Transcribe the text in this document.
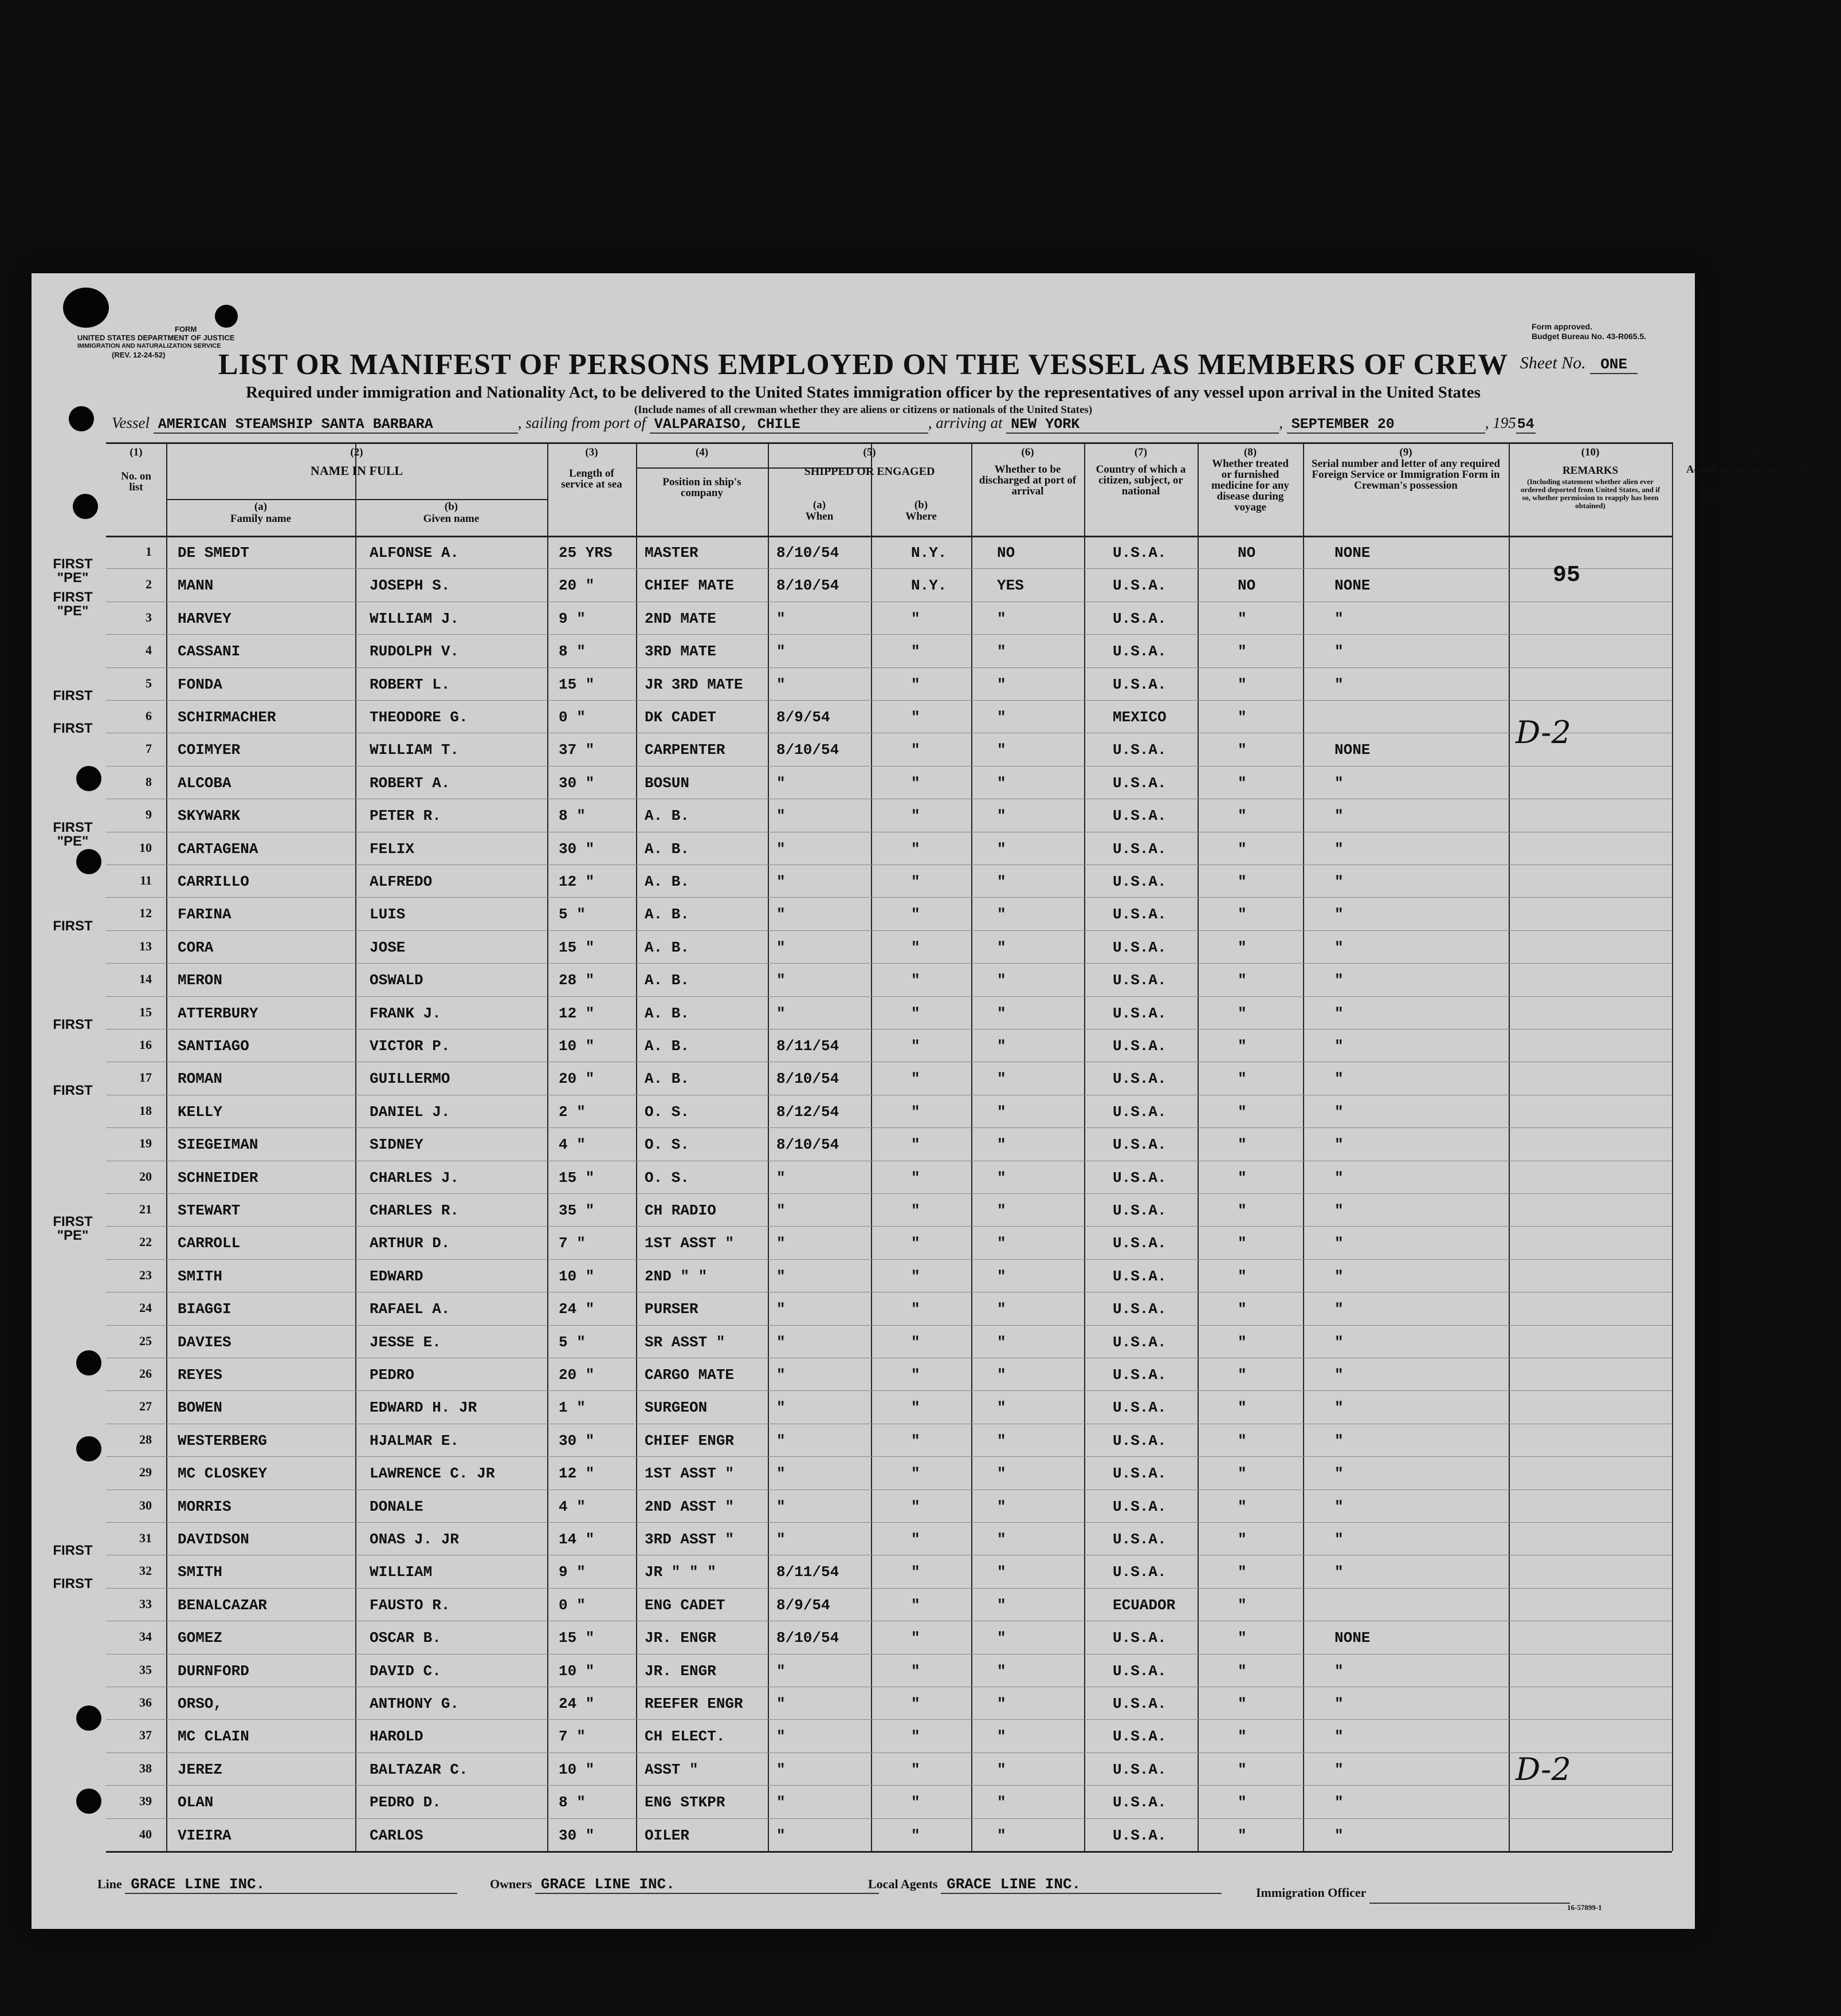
FORM
UNITED STATES DEPARTMENT OF JUSTICE
IMMIGRATION AND NATURALIZATION SERVICE
(REV. 12-24-52)
Form approved.
Budget Bureau No. 43-R065.5.
LIST OR MANIFEST OF PERSONS EMPLOYED ON THE VESSEL AS MEMBERS OF CREW Sheet No. ONE
Required under immigration and Nationality Act, to be delivered to the United States immigration officer by the representatives of any vessel upon arrival in the United States
(Include names of all crewman whether they are aliens or citizens or nationals of the United States)
Vessel AMERICAN STEAMSHIP SANTA BARBARA	, sailing from port of VALPARAISO, CHILE	, arriving at NEW YORK	, SEPTEMBER 20	, 19554
(1)
No. on list
(2)
NAME IN FULL
(a)
Family name
(b)
Given name
(3)
Length of service at sea
(4)
Position in ship's company
(5)
SHIPPED OR ENGAGED
(a)
When
(b)
Where
(6)
Whether to be discharged at port of arrival
(7)
Country of which a citizen, subject, or national
(8)
Whether treated or furnished medicine for any disease during voyage
(9)
Serial number and letter of any required Foreign Service or Immigration Form in Crewman's possession
(10)
REMARKS
(Including statement whether alien ever ordered deported from United States, and if so, whether permission to reapply has been obtained)
(11)
Action of Immigration Officer
(This column for use of Government officials only)
1 DE SMEDT	ALFONSE A.	25 YRS MASTER	8/10/54	N.Y.	NO	U.S.A.	NO	NONE
2 MANN	JOSEPH S.	20 "	CHIEF MATE	8/10/54	N.Y.	YES	U.S.A.	NO	NONE
FIRST "PE"
3 HARVEY	WILLIAM J.	9 "	2ND MATE	"	"	"	U.S.A.	"	"
FIRST "PE"
4 CASSANI	RUDOLPH V.	8 "	3RD MATE	"	"	"	U.S.A.	"	"
5 FONDA	ROBERT L.	15 "	JR 3RD MATE "	"	"	U.S.A.	"	"
6 SCHIRMACHER	THEODORE G.	0 "	DK CADET	8/9/54	"	"	MEXICO	"
FIRST
7 COIMYER	WILLIAM T.	37 "	CARPENTER	8/10/54	"	"	U.S.A.	"	NONE
FIRST
8 ALCOBA	ROBERT A.	30 "	BOSUN	"	"	"	U.S.A.	"	"
9 SKYWARK	PETER R.	8 "	A. B.	"	"	"	U.S.A.	"	"
10 CARTAGENA	FELIX	30 "	A. B.	"	"	"	U.S.A.	"	"
FIRST "PE"
11 CARRILLO	ALFREDO	12 "	A. B.	"	"	"	U.S.A.	"	"
12 FARINA	LUIS	5 "	A. B.	"	"	"	U.S.A.	"	"
13 CORA	JOSE	15 "	A. B.	"	"	"	U.S.A.	"	"
FIRST
14 MERON	OSWALD	28 "	A. B.	"	"	"	U.S.A.	"	"
15 ATTERBURY	FRANK J.	12 "	A. B.	"	"	"	U.S.A.	"	"
16 SANTIAGO	VICTOR P.	10 "	A. B.	8/11/54	"	"	U.S.A.	"	"
FIRST
17 ROMAN	GUILLERMO	20 "	A. B.	8/10/54	"	"	U.S.A.	"	"
18 KELLY	DANIEL J.	2 "	O. S.	8/12/54	"	"	U.S.A.	"	"
FIRST
19 SIEGEIMAN	SIDNEY	4 "	O. S.	8/10/54	"	"	U.S.A.	"	"
20 SCHNEIDER	CHARLES J.	15 "	O. S.	"	"	"	U.S.A.	"	"
21 STEWART	CHARLES R.	35 "	CH RADIO	"	"	"	U.S.A.	"	"
22 CARROLL	ARTHUR D.	7 "	1ST ASST "	"	"	"	U.S.A.	"	"
FIRST "PE"
23 SMITH	EDWARD	10 "	2ND " "	"	"	"	U.S.A.	"	"
24 BIAGGI	RAFAEL A.	24 "	PURSER	"	"	"	U.S.A.	"	"
25 DAVIES	JESSE E.	5 "	SR ASST "	"	"	"	U.S.A.	"	"
26 REYES	PEDRO	20 "	CARGO MATE	"	"	"	U.S.A.	"	"
27 BOWEN	EDWARD H. JR	1 "	SURGEON	"	"	"	U.S.A.	"	"
28 WESTERBERG	HJALMAR E.	30 "	CHIEF ENGR	"	"	"	U.S.A.	"	"
29 MC CLOSKEY	LAWRENCE C. JR	12 "	1ST ASST "	"	"	"	U.S.A.	"	"
30 MORRIS	DONALE	4 "	2ND ASST "	"	"	"	U.S.A.	"	"
31 DAVIDSON	ONAS J. JR	14 "	3RD ASST "	"	"	"	U.S.A.	"	"
32 SMITH	WILLIAM	9 "	JR " " "	8/11/54	"	"	U.S.A.	"	"
FIRST
33 BENALCAZAR	FAUSTO R.	0 "	ENG CADET	8/9/54	"	"	ECUADOR	"
FIRST
34 GOMEZ	OSCAR B.	15 "	JR. ENGR	8/10/54	"	"	U.S.A.	"	NONE
35 DURNFORD	DAVID C.	10 "	JR. ENGR	"	"	"	U.S.A.	"	"
36 ORSO,	ANTHONY G.	24 "	REEFER ENGR "	"	"	U.S.A.	"	"
37 MC CLAIN	HAROLD	7 "	CH ELECT.	"	"	"	U.S.A.	"	"
38 JEREZ	BALTAZAR C.	10 "	ASST "	"	"	"	U.S.A.	"	"
39 OLAN	PEDRO D.	8 "	ENG STKPR	"	"	"	U.S.A.	"	"
40 VIEIRA	CARLOS	30 "	OILER	"	"	"	U.S.A.	"	"
Line GRACE LINE INC.	Owners GRACE LINE INC.	Local Agents GRACE LINE INC.	Immigration Officer
16-57899-1
95
D-2
D-2
